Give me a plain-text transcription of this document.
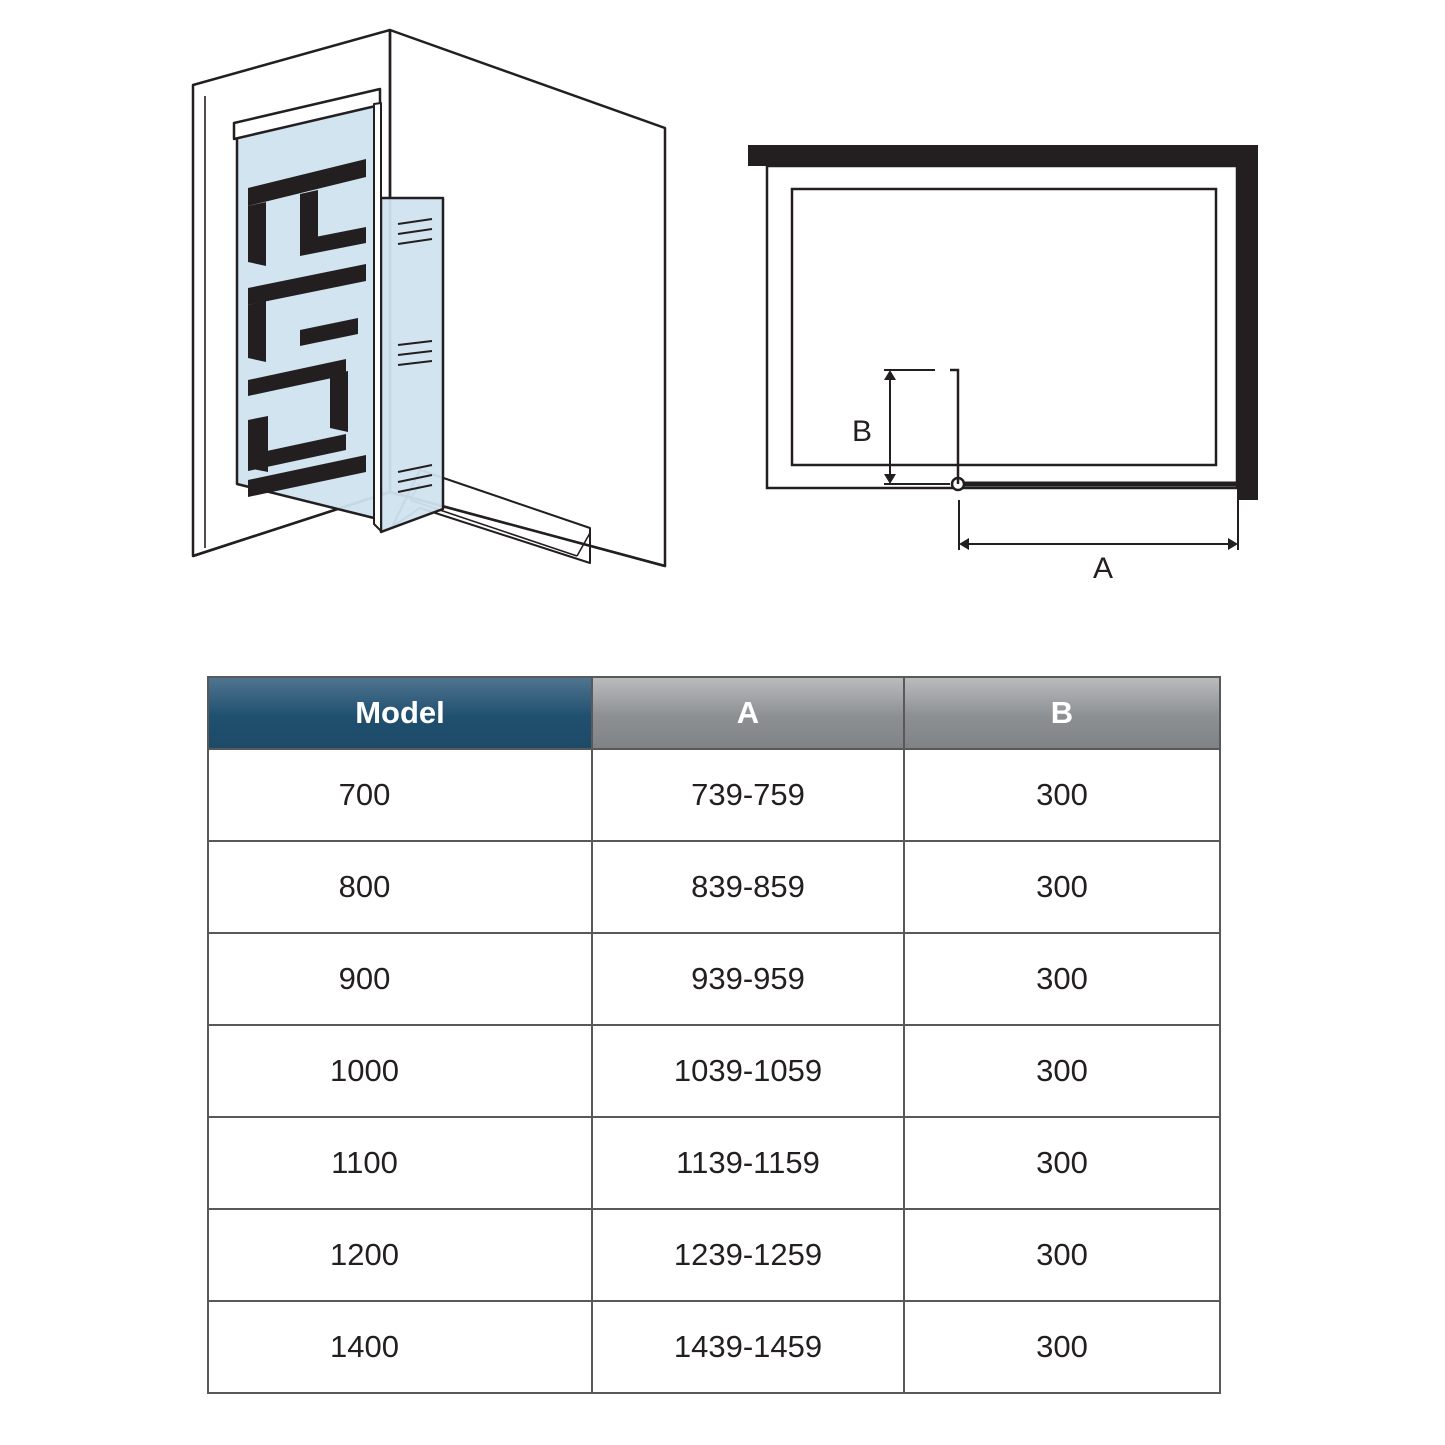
B
A
Model	A	B
700	739-759	300
800	839-859	300
900	939-959	300
1000	1039-1059	300
1100	1139-1159	300
1200	1239-1259	300
1400	1439-1459	300
